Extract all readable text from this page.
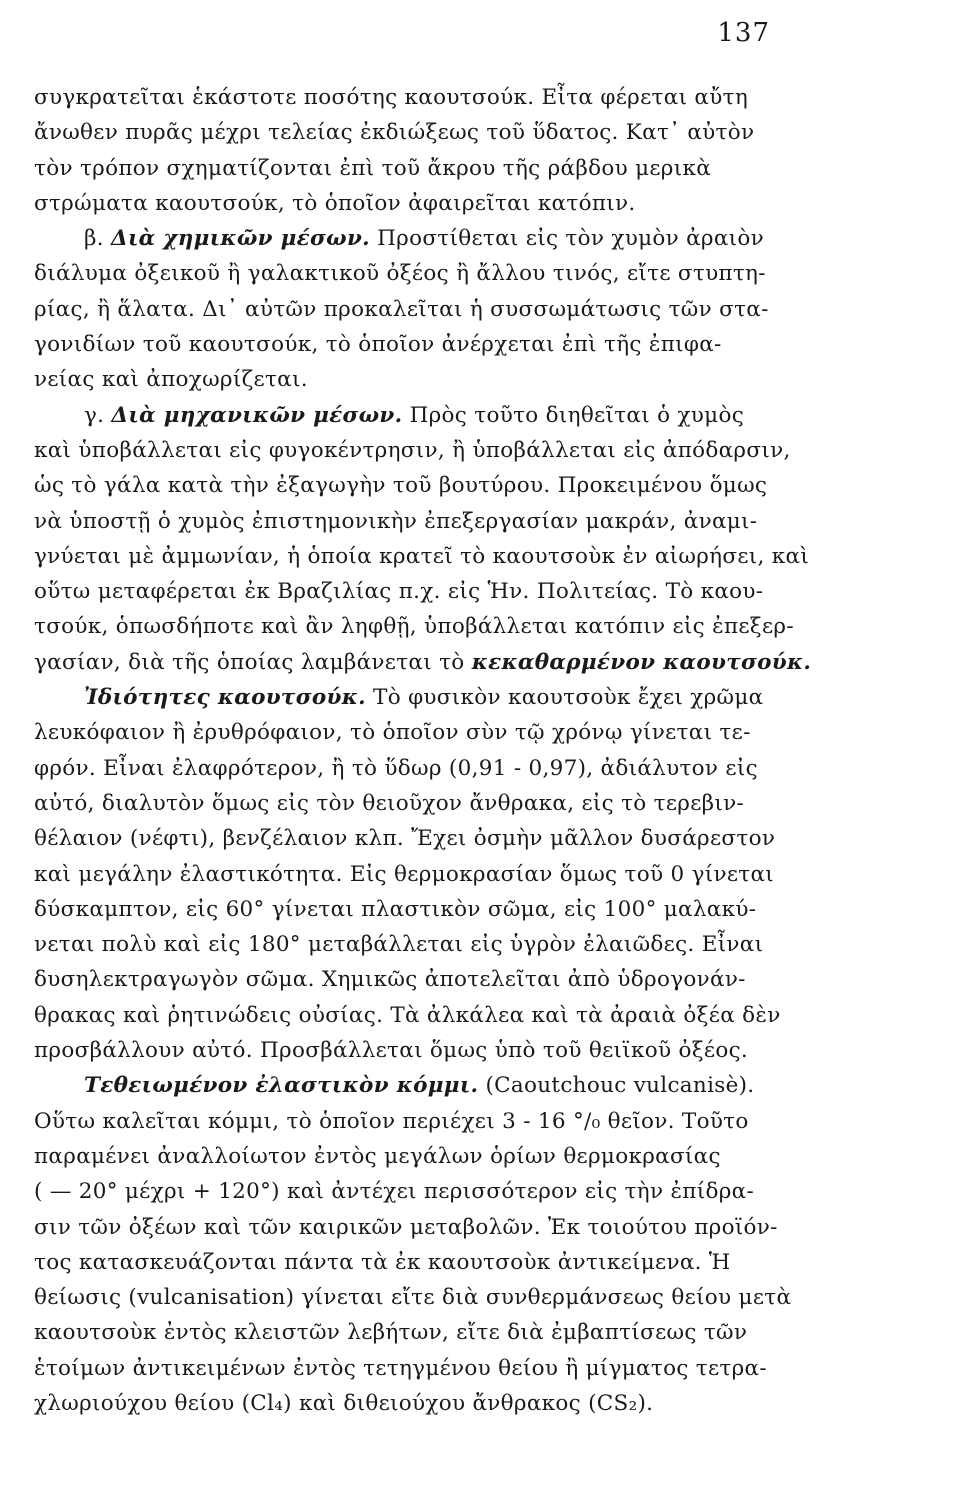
137
συγκρατεῖται ἑκάστοτε ποσότης καουτσούκ. Εἶτα φέρεται αὔτη
ἄνωθεν πυρᾶς μέχρι τελείας ἐκδιώξεως τοῦ ὕδατος. Κατ᾿ αὐτὸν
τὸν τρόπον σχηματίζονται ἐπὶ τοῦ ἄκρου τῆς ράβδου μερικὰ
στρώματα καουτσούκ, τὸ ὁποῖον ἀφαιρεῖται κατόπιν.
β. Διὰ χημικῶν μέσων. Προστίθεται εἰς τὸν χυμὸν ἀραιὸν
διάλυμα ὀξεικοῦ ἢ γαλακτικοῦ ὀξέος ἢ ἄλλου τινός, εἴτε στυπτη-
ρίας, ἢ ἅλατα. Δι᾿ αὐτῶν προκαλεῖται ἡ συσσωμάτωσις τῶν στα-
γονιδίων τοῦ καουτσούκ, τὸ ὁποῖον ἀνέρχεται ἐπὶ τῆς ἐπιφα-
νείας καὶ ἀποχωρίζεται.
γ. Διὰ μηχανικῶν μέσων. Πρὸς τοῦτο διηθεῖται ὁ χυμὸς
καὶ ὑποβάλλεται εἰς φυγοκέντρησιν, ἢ ὑποβάλλεται εἰς ἀπόδαρσιν,
ὡς τὸ γάλα κατὰ τὴν ἐξαγωγὴν τοῦ βουτύρου. Προκειμένου ὅμως
νὰ ὑποστῇ ὁ χυμὸς ἐπιστημονικὴν ἐπεξεργασίαν μακράν, ἀναμι-
γνύεται μὲ ἀμμωνίαν, ἡ ὁποία κρατεῖ τὸ καουτσοὺκ ἐν αἰωρήσει, καὶ
οὕτω μεταφέρεται ἐκ Βραζιλίας π.χ. εἰς Ἡν. Πολιτείας. Τὸ καου-
τσούκ, ὁπωσδήποτε καὶ ἂν ληφθῇ, ὑποβάλλεται κατόπιν εἰς ἐπεξερ-
γασίαν, διὰ τῆς ὁποίας λαμβάνεται τὸ κεκαθαρμένον καουτσούκ.
Ἰδιότητες καουτσούκ. Τὸ φυσικὸν καουτσοὺκ ἔχει χρῶμα
λευκόφαιον ἢ ἐρυθρόφαιον, τὸ ὁποῖον σὺν τῷ χρόνῳ γίνεται τε-
φρόν. Εἶναι ἐλαφρότερον, ἢ τὸ ὕδωρ (0,91 - 0,97), ἀδιάλυτον εἰς
αὐτό, διαλυτὸν ὅμως εἰς τὸν θειοῦχον ἄνθρακα, εἰς τὸ τερεβιν-
θέλαιον (νέφτι), βενζέλαιον κλπ. Ἔχει ὀσμὴν μᾶλλον δυσάρεστον
καὶ μεγάλην ἐλαστικότητα. Εἰς θερμοκρασίαν ὅμως τοῦ 0 γίνεται
δύσκαμπτον, εἰς 60° γίνεται πλαστικὸν σῶμα, εἰς 100° μαλακύ-
νεται πολὺ καὶ εἰς 180° μεταβάλλεται εἰς ὑγρὸν ἐλαιῶδες. Εἶναι
δυσηλεκτραγωγὸν σῶμα. Χημικῶς ἀποτελεῖται ἀπὸ ὑδρογονάν-
θρακας καὶ ῥητινώδεις οὐσίας. Τὰ ἀλκάλεα καὶ τὰ ἀραιὰ ὀξέα δὲν
προσβάλλουν αὐτό. Προσβάλλεται ὅμως ὑπὸ τοῦ θειϊκοῦ ὀξέος.
Τεθειωμένον ἐλαστικὸν κόμμι. (Caoutchouc vulcanisè).
Οὕτω καλεῖται κόμμι, τὸ ὁποῖον περιέχει 3 - 16 °/₀ θεῖον. Τοῦτο
παραμένει ἀναλλοίωτον ἐντὸς μεγάλων ὁρίων θερμοκρασίας
( — 20° μέχρι + 120°) καὶ ἀντέχει περισσότερον εἰς τὴν ἐπίδρα-
σιν τῶν ὀξέων καὶ τῶν καιρικῶν μεταβολῶν. Ἐκ τοιούτου προϊόν-
τος κατασκευάζονται πάντα τὰ ἐκ καουτσοὺκ ἀντικείμενα. Ἡ
θείωσις (vulcanisation) γίνεται εἴτε διὰ συνθερμάνσεως θείου μετὰ
καουτσοὺκ ἐντὸς κλειστῶν λεβήτων, εἴτε διὰ ἐμβαπτίσεως τῶν
ἑτοίμων ἀντικειμένων ἐντὸς τετηγμένου θείου ἢ μίγματος τετρα-
χλωριούχου θείου (Cl₄) καὶ διθειούχου ἄνθρακος (CS₂).
